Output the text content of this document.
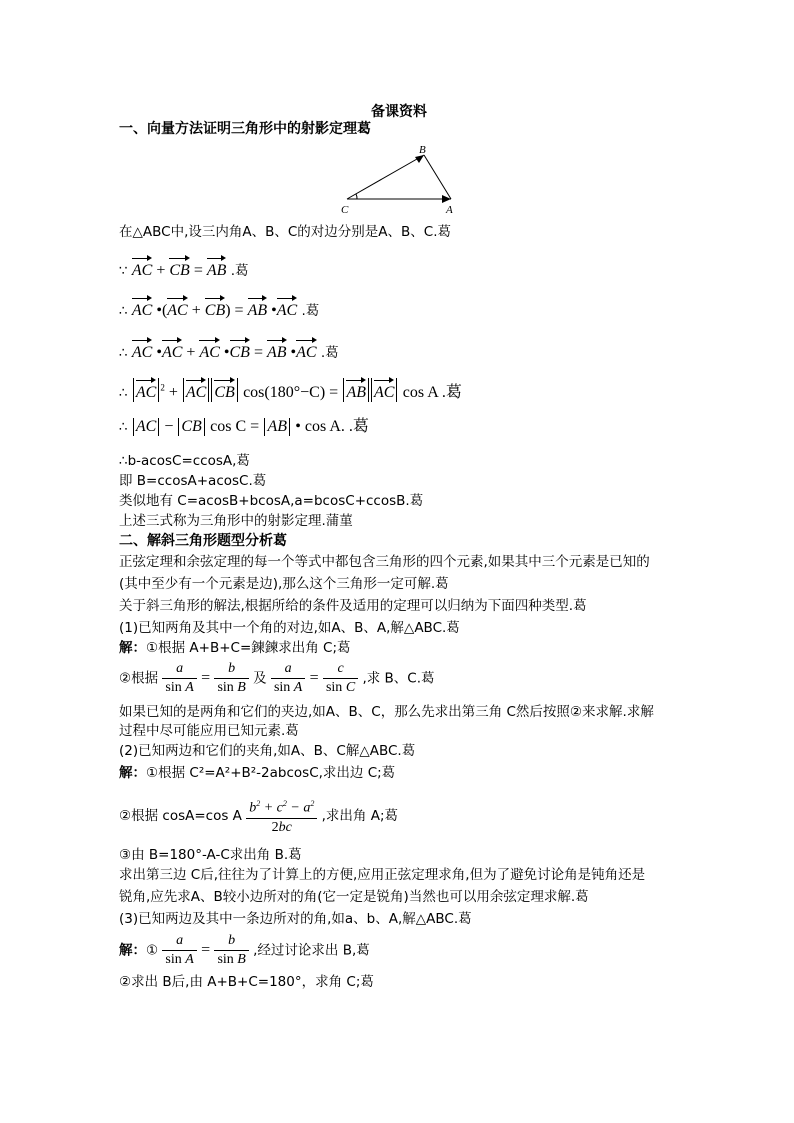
备课资料
一、向量方法证明三角形中的射影定理葛
B
C	A
在△ABC中,设三内角A、B、C的对边分别是A、B、C.葛
∵ AC + CB = AB .葛
∴ AC •(AC + CB) = AB •AC .葛
∴ AC •AC + AC •CB = AB •AC .葛
∴ AC $^2$ + AC CB cos(180°−C) = AB AC cos A .葛
∴ AC − CB cos C = AB • cos A. .葛
∴b-acosC=ccosA,葛
即 B=ccosA+acosC.葛
类似地有 C=acosB+bcosA,a=bcosC+ccosB.葛
上述三式称为三角形中的射影定理.蒲菫
二、解斜三角形题型分析葛
正弦定理和余弦定理的每一个等式中都包含三角形的四个元素,如果其中三个元素是已知的
(其中至少有一个元素是边),那么这个三角形一定可解.葛
关于斜三角形的解法,根据所给的条件及适用的定理可以归纳为下面四种类型.葛
(1)已知两角及其中一个角的对边,如A、B、A,解△ABC.葛
解：①根据 A+B+C=鍊鍊求出角 C;葛
②根据 $\frac{a}{\text{sin A}} = \frac{b}{\text{sin B}}$ 及 $\frac{a}{\text{sin A}} = \frac{c}{\text{sin C}}$ ,求 B、C.葛
如果已知的是两角和它们的夹边,如A、B、C，那么先求出第三角 C然后按照②来求解.求解
过程中尽可能应用已知元素.葛
(2)已知两边和它们的夹角,如A、B、C解△ABC.葛
解：①根据 C²=A²+B²-2abcosC,求出边 C;葛
②根据 cosA=cos A $\frac{b^2 + c^2 - a^2}{2bc}$ ,求出角 A;葛
③由 B=180°-A-C求出角 B.葛
求出第三边 C后,往往为了计算上的方便,应用正弦定理求角,但为了避免讨论角是钝角还是
锐角,应先求A、B较小边所对的角(它一定是锐角)当然也可以用余弦定理求解.葛
(3)已知两边及其中一条边所对的角,如a、b、A,解△ABC.葛
解：① $\frac{a}{\text{sin A}} = \frac{b}{\text{sin B}}$ ,经过讨论求出 B,葛
②求出 B后,由 A+B+C=180°，求角 C;葛
